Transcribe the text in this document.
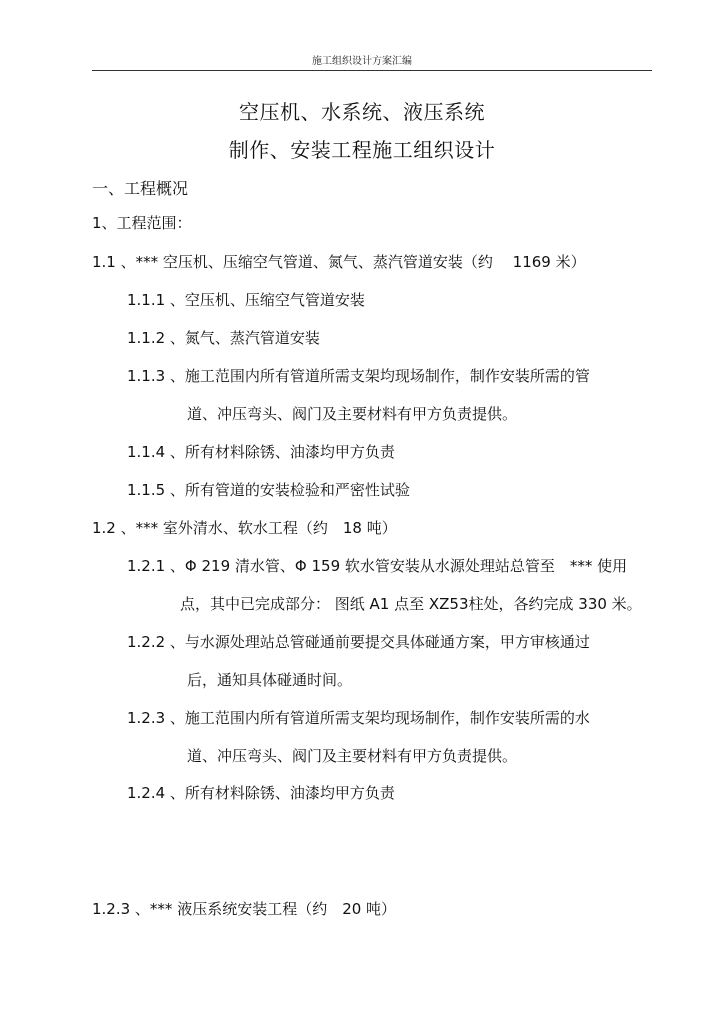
施工组织设计方案汇编
空压机、水系统、液压系统
制作、安装工程施工组织设计
一、工程概况
1、工程范围：
1.1 、*** 空压机、压缩空气管道、氮气、蒸汽管道安装（约　 1169 米）
1.1.1 、空压机、压缩空气管道安装
1.1.2 、氮气、蒸汽管道安装
1.1.3 、施工范围内所有管道所需支架均现场制作，制作安装所需的管
道、冲压弯头、阀门及主要材料有甲方负责提供。
1.1.4 、所有材料除锈、油漆均甲方负责
1.1.5 、所有管道的安装检验和严密性试验
1.2 、*** 室外清水、软水工程（约　18 吨）
1.2.1 、Φ 219 清水管、Φ 159 软水管安装从水源处理站总管至　*** 使用
点，其中已完成部分： 图纸 A1 点至 XZ53柱处，各约完成 330 米。
1.2.2 、与水源处理站总管碰通前要提交具体碰通方案，甲方审核通过
后，通知具体碰通时间。
1.2.3 、施工范围内所有管道所需支架均现场制作，制作安装所需的水
道、冲压弯头、阀门及主要材料有甲方负责提供。
1.2.4 、所有材料除锈、油漆均甲方负责
1.2.3 、*** 液压系统安装工程（约　20 吨）
